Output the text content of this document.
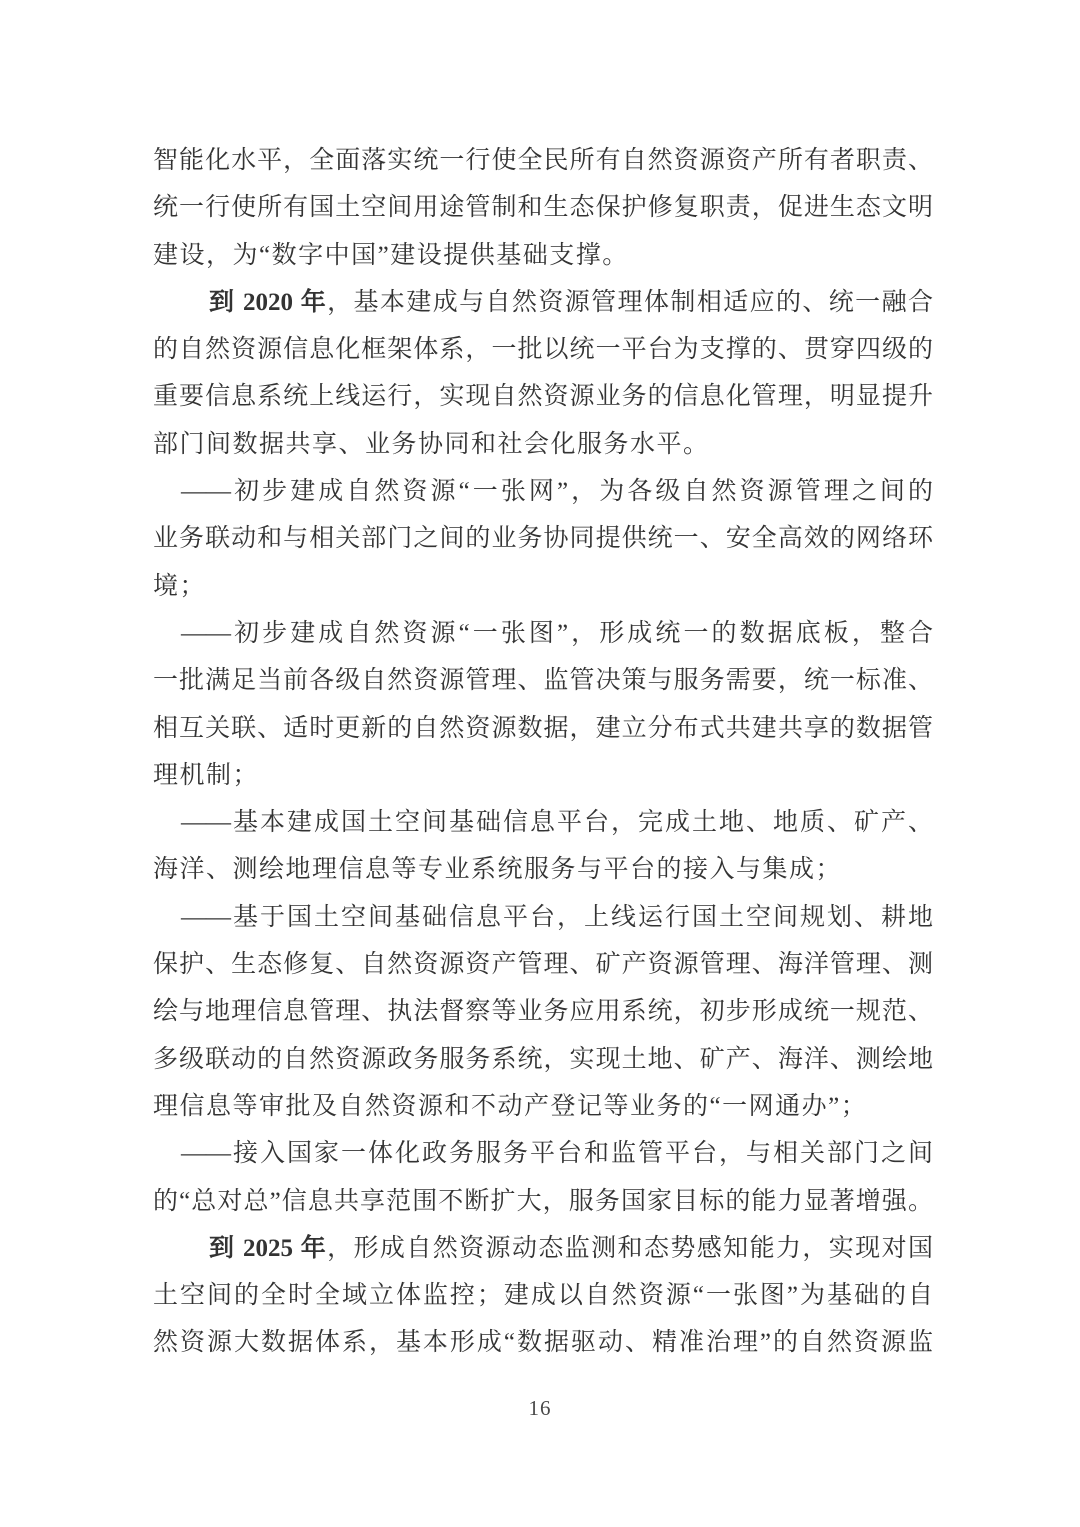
智能化水平，全面落实统一行使全民所有自然资源资产所有者职责、
统一行使所有国土空间用途管制和生态保护修复职责，促进生态文明
建设，为“数字中国”建设提供基础支撑。
到 2020 年，基本建成与自然资源管理体制相适应的、统一融合
的自然资源信息化框架体系，一批以统一平台为支撑的、贯穿四级的
重要信息系统上线运行，实现自然资源业务的信息化管理，明显提升
部门间数据共享、业务协同和社会化服务水平。
——初步建成自然资源“一张网”，为各级自然资源管理之间的
业务联动和与相关部门之间的业务协同提供统一、安全高效的网络环
境；
——初步建成自然资源“一张图”，形成统一的数据底板，整合
一批满足当前各级自然资源管理、监管决策与服务需要，统一标准、
相互关联、适时更新的自然资源数据，建立分布式共建共享的数据管
理机制；
——基本建成国土空间基础信息平台，完成土地、地质、矿产、
海洋、测绘地理信息等专业系统服务与平台的接入与集成；
——基于国土空间基础信息平台，上线运行国土空间规划、耕地
保护、生态修复、自然资源资产管理、矿产资源管理、海洋管理、测
绘与地理信息管理、执法督察等业务应用系统，初步形成统一规范、
多级联动的自然资源政务服务系统，实现土地、矿产、海洋、测绘地
理信息等审批及自然资源和不动产登记等业务的“一网通办”；
——接入国家一体化政务服务平台和监管平台，与相关部门之间
的“总对总”信息共享范围不断扩大，服务国家目标的能力显著增强。
到 2025 年，形成自然资源动态监测和态势感知能力，实现对国
土空间的全时全域立体监控；建成以自然资源“一张图”为基础的自
然资源大数据体系，基本形成“数据驱动、精准治理”的自然资源监
16
